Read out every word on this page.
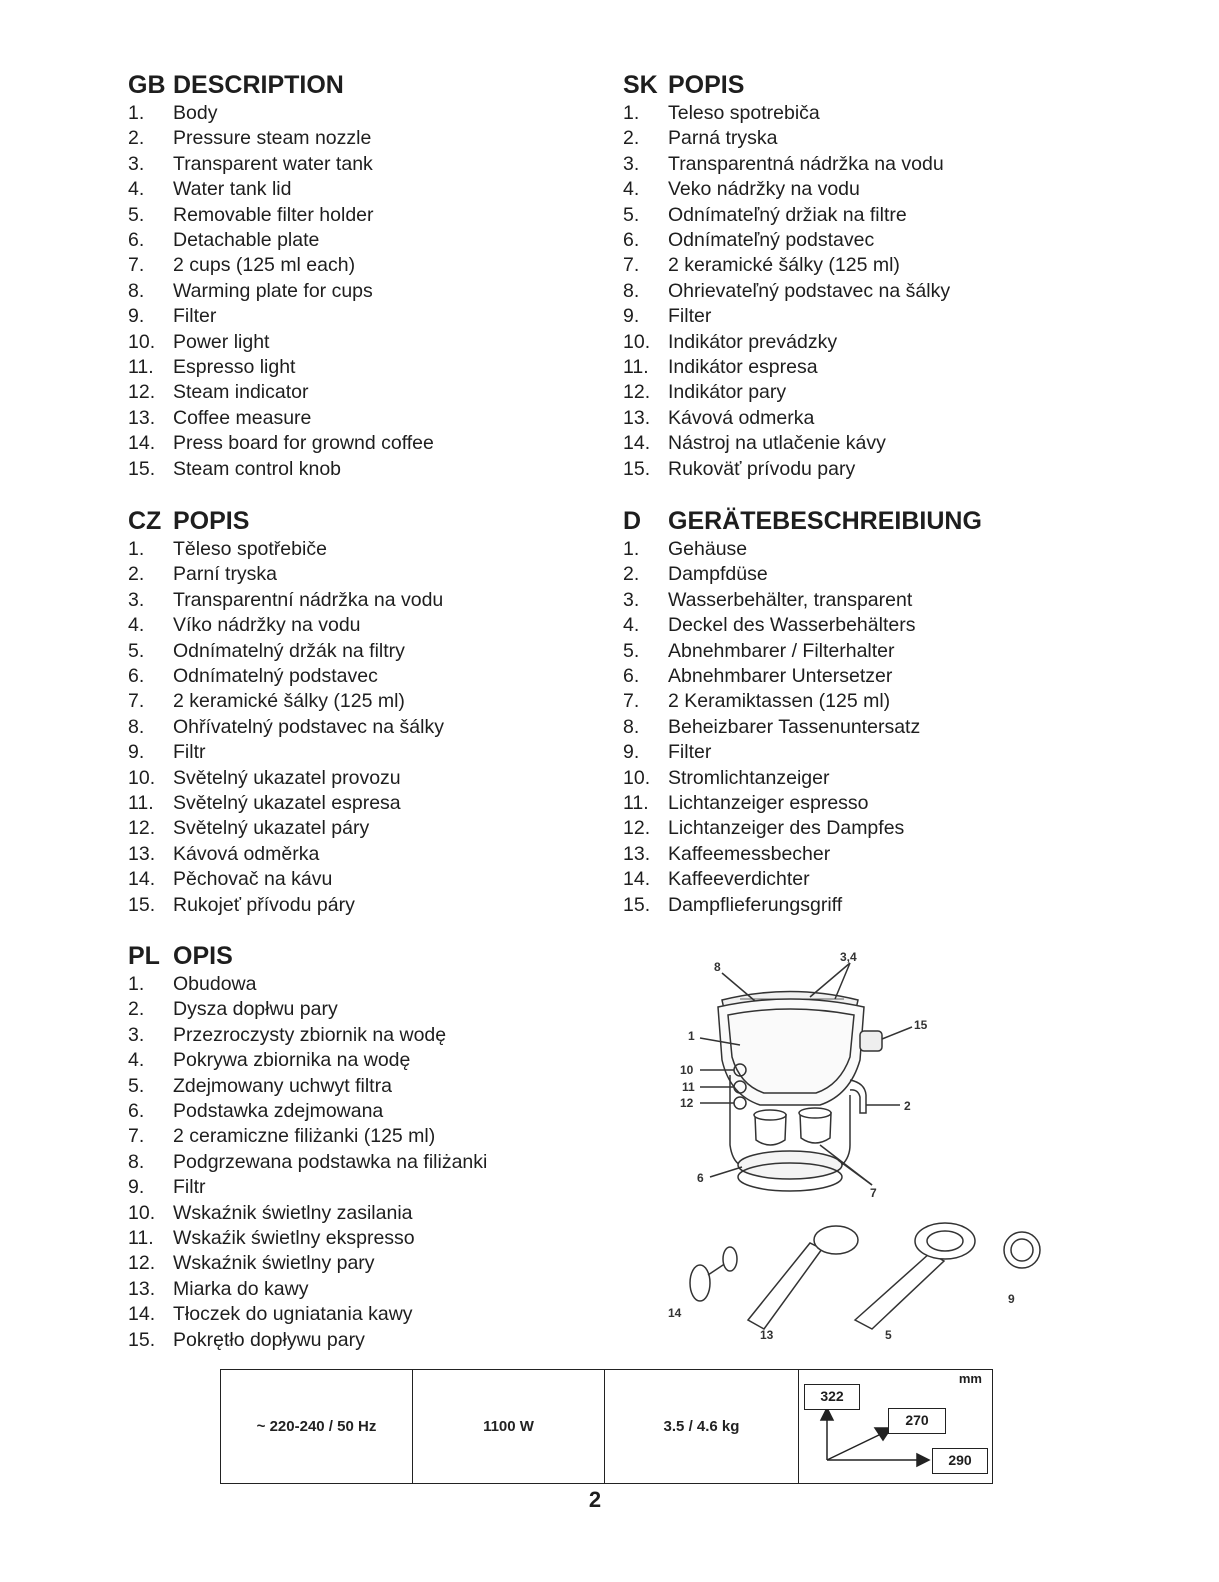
GB DESCRIPTION
1.	Body
2.	Pressure steam nozzle
3.	Transparent water tank
4.	Water tank lid
5.	Removable filter holder
6.	Detachable plate
7.	2 cups (125 ml each)
8.	Warming plate for cups
9.	Filter
10. Power light
11. Espresso light
12. Steam indicator
13. Coffee measure
14. Press board for grownd coffee
15. Steam control knob
SK POPIS
1.	Teleso spotrebiča
2.	Parná tryska
3.	Transparentná nádržka na vodu
4.	Veko nádržky na vodu
5.	Odnímateľný držiak na filtre
6.	Odnímateľný podstavec
7.	2 keramické šálky (125 ml)
8.	Ohrievateľný podstavec na šálky
9.	Filter
10. Indikátor prevádzky
11. Indikátor espresa
12. Indikátor pary
13. Kávová odmerka
14. Nástroj na utlačenie kávy
15. Rukoväť prívodu pary
CZ POPIS
1.	Těleso spotřebiče
2.	Parní tryska
3.	Transparentní nádržka na vodu
4.	Víko nádržky na vodu
5.	Odnímatelný držák na filtry
6.	Odnímatelný podstavec
7.	2 keramické šálky (125 ml)
8.	Ohřívatelný podstavec na šálky
9.	Filtr
10. Světelný ukazatel provozu
11. Světelný ukazatel espresa
12. Světelný ukazatel páry
13. Kávová odměrka
14. Pěchovač na kávu
15. Rukojeť přívodu páry
D	GERÄTEBESCHREIBIUNG
1.	Gehäuse
2.	Dampfdüse
3.	Wasserbehälter, transparent
4.	Deckel des Wasserbehälters
5.	Abnehmbarer / Filterhalter
6.	Abnehmbarer Untersetzer
7.	2 Keramiktassen (125 ml)
8.	Beheizbarer Tassenuntersatz
9.	Filter
10. Stromlichtanzeiger
11. Lichtanzeiger espresso
12. Lichtanzeiger des Dampfes
13. Kaffeemessbecher
14. Kaffeeverdichter
15. Dampflieferungsgriff
PL OPIS
1.	Obudowa
2.	Dysza dopłwu pary
3.	Przezroczysty zbiornik na wodę
4.	Pokrywa zbiornika na wodę
5.	Zdejmowany uchwyt filtra
6.	Podstawka zdejmowana
7.	2 ceramiczne filiżanki (125 ml)
8.	Podgrzewana podstawka na filiżanki
9.	Filtr
10. Wskaźnik świetlny zasilania
11. Wskaźik świetlny ekspresso
12. Wskaźnik świetlny pary
13. Miarka do kawy
14. Tłoczek do ugniatania kawy
15. Pokrętło dopływu pary
8
3,4
1
15
10
11
12	2
6
7
14
13	5
9
~ 220-240 / 50 Hz	1100 W	3.5 / 4.6 kg
mm
322
270
290
2
